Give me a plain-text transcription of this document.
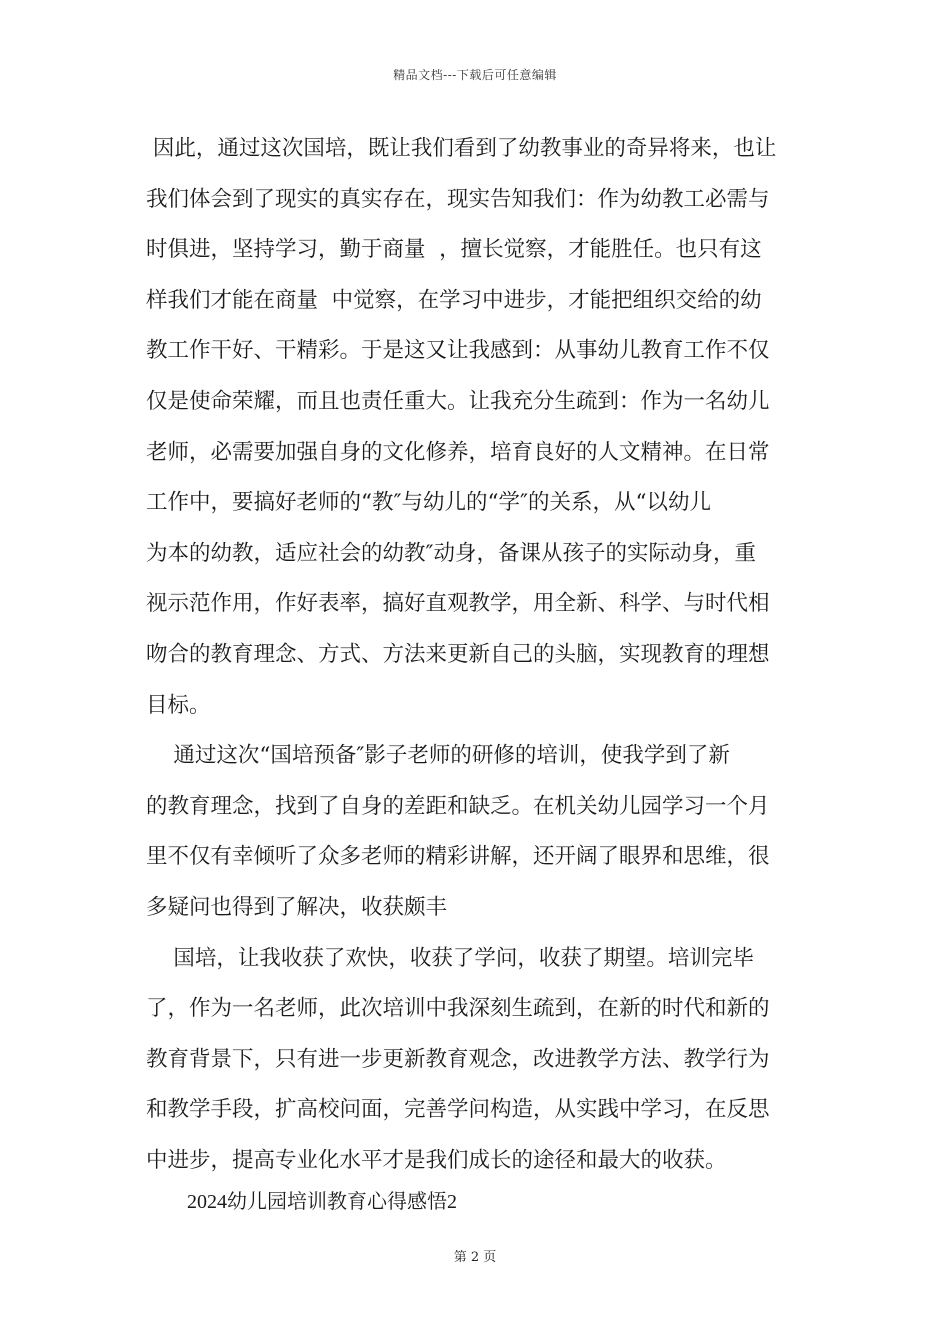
精品文档---下载后可任意编辑
因此，通过这次国培，既让我们看到了幼教事业的奇异将来，也让
我们体会到了现实的真实存在，现实告知我们：作为幼教工必需与
时俱进，坚持学习，勤于商量  ，擅长觉察，才能胜任。也只有这
样我们才能在商量  中觉察，在学习中进步，才能把组织交给的幼
教工作干好、干精彩。于是这又让我感到：从事幼儿教育工作不仅
仅是使命荣耀，而且也责任重大。让我充分生疏到：作为一名幼儿
老师，必需要加强自身的文化修养，培育良好的人文精神。在日常
工作中，要搞好老师的“教″与幼儿的“学″的关系，从“以幼儿
为本的幼教，适应社会的幼教″动身，备课从孩子的实际动身，重
视示范作用，作好表率，搞好直观教学，用全新、科学、与时代相
吻合的教育理念、方式、方法来更新自己的头脑，实现教育的理想
目标。
通过这次“国培预备″影子老师的研修的培训，使我学到了新
的教育理念，找到了自身的差距和缺乏。在机关幼儿园学习一个月
里不仅有幸倾听了众多老师的精彩讲解，还开阔了眼界和思维，很
多疑问也得到了解决，收获颇丰
国培，让我收获了欢快，收获了学问，收获了期望。培训完毕
了，作为一名老师，此次培训中我深刻生疏到，在新的时代和新的
教育背景下，只有进一步更新教育观念，改进教学方法、教学行为
和教学手段，扩高校问面，完善学问构造，从实践中学习，在反思
中进步，提高专业化水平才是我们成长的途径和最大的收获。
2024幼儿园培训教育心得感悟2
第 2 页
